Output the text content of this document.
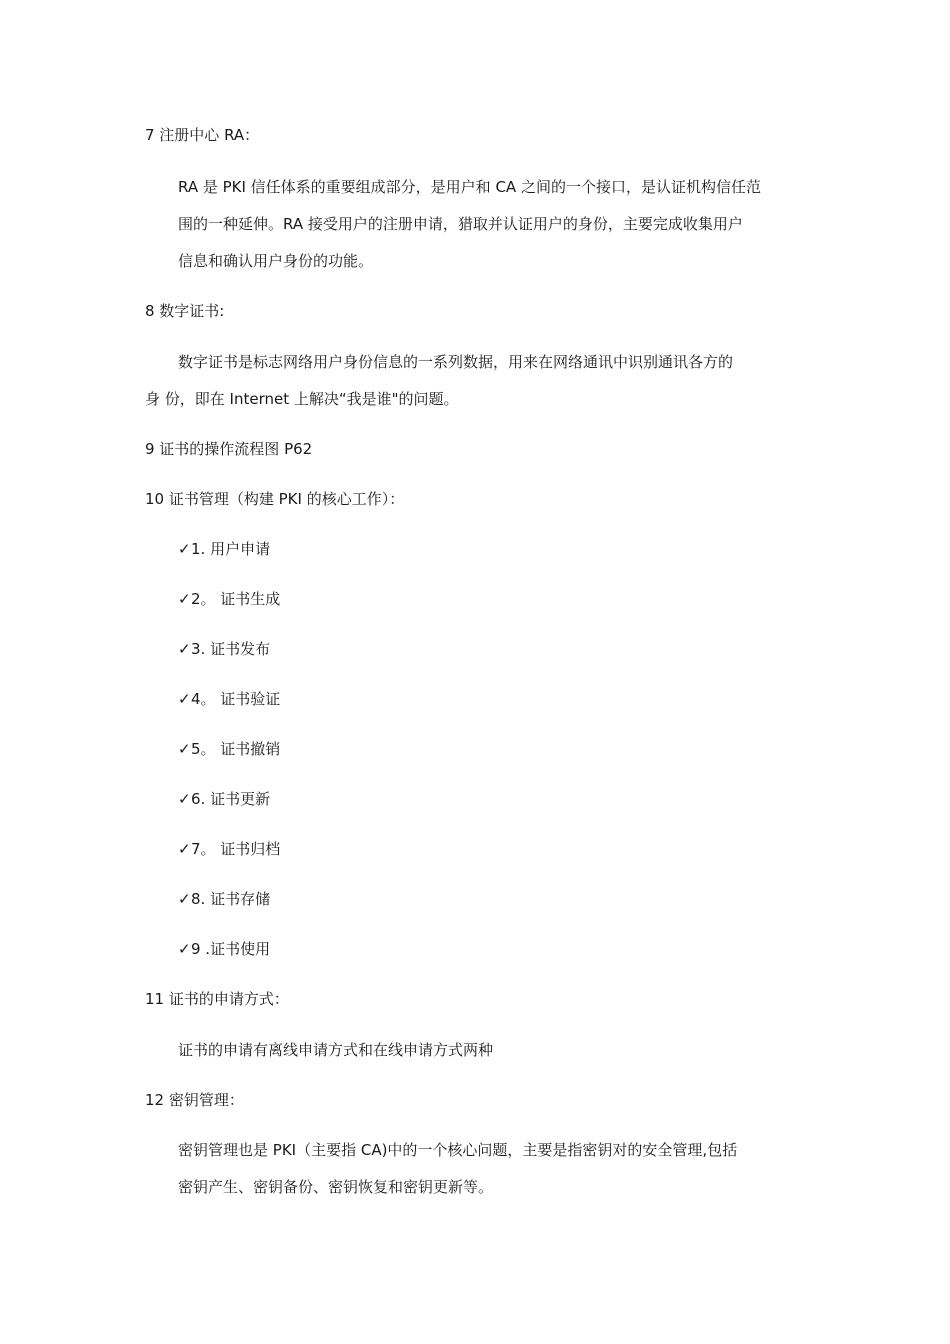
7 注册中心 RA：
RA 是 PKI 信任体系的重要组成部分，是用户和 CA 之间的一个接口，是认证机构信任范
围的一种延伸。RA 接受用户的注册申请，猎取并认证用户的身份，主要完成收集用户
信息和确认用户身份的功能。
8 数字证书:
数字证书是标志网络用户身份信息的一系列数据，用来在网络通讯中识别通讯各方的
身 份，即在 Internet 上解决“我是谁"的问题。
9 证书的操作流程图 P62
10 证书管理（构建 PKI 的核心工作）：
✓1. 用户申请
✓2。 证书生成
✓3. 证书发布
✓4。 证书验证
✓5。 证书撤销
✓6. 证书更新
✓7。 证书归档
✓8. 证书存储
✓9 .证书使用
11 证书的申请方式：
证书的申请有离线申请方式和在线申请方式两种
12 密钥管理：
密钥管理也是 PKI（主要指 CA)中的一个核心问题，主要是指密钥对的安全管理,包括
密钥产生、密钥备份、密钥恢复和密钥更新等。
